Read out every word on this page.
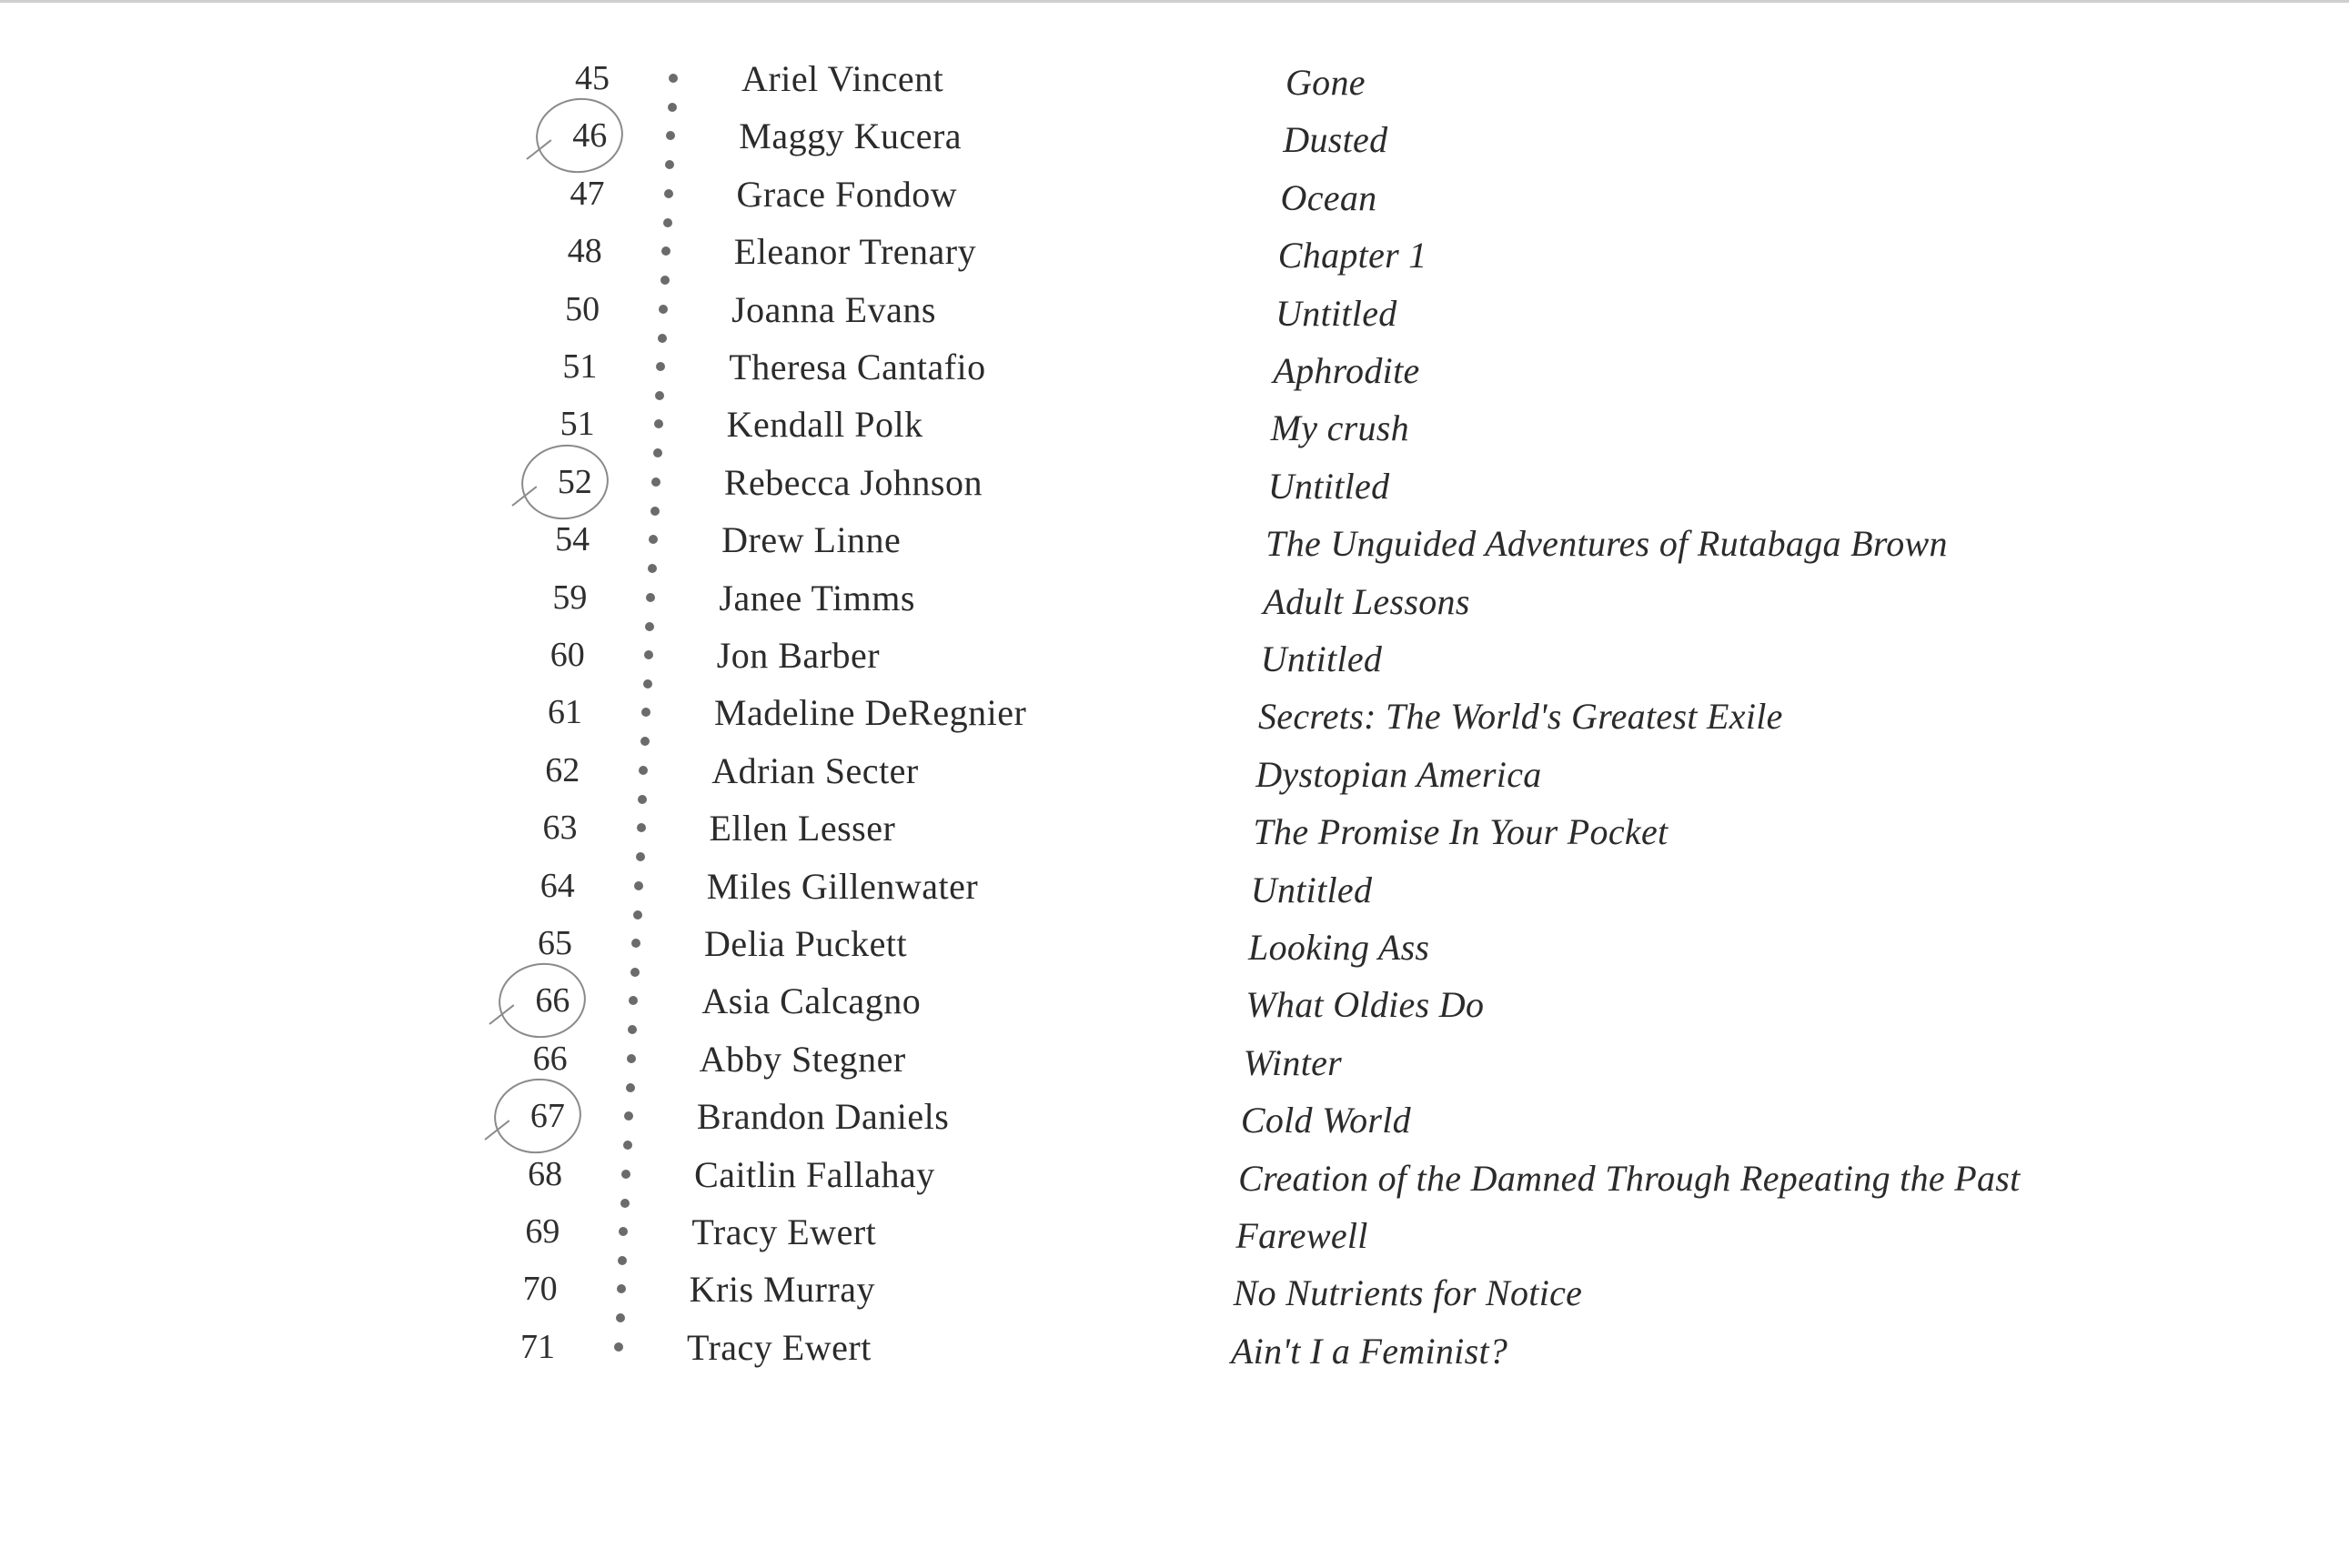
45	Ariel Vincent	Gone
46	Maggy Kucera	Dusted
47	Grace Fondow	Ocean
48	Eleanor Trenary	Chapter 1
50	Joanna Evans	Untitled
51	Theresa Cantafio	Aphrodite
51	Kendall Polk	My crush
52	Rebecca Johnson	Untitled
54	Drew Linne	The Unguided Adventures of Rutabaga Brown
59	Janee Timms	Adult Lessons
60	Jon Barber	Untitled
61	Madeline DeRegnier	Secrets: The World's Greatest Exile
62	Adrian Secter	Dystopian America
63	Ellen Lesser	The Promise In Your Pocket
64	Miles Gillenwater	Untitled
65	Delia Puckett	Looking Ass
66	Asia Calcagno	What Oldies Do
66	Abby Stegner	Winter
67	Brandon Daniels	Cold World
68	Caitlin Fallahay	Creation of the Damned Through Repeating the Past
69	Tracy Ewert	Farewell
70	Kris Murray	No Nutrients for Notice
71	Tracy Ewert	Ain't I a Feminist?
